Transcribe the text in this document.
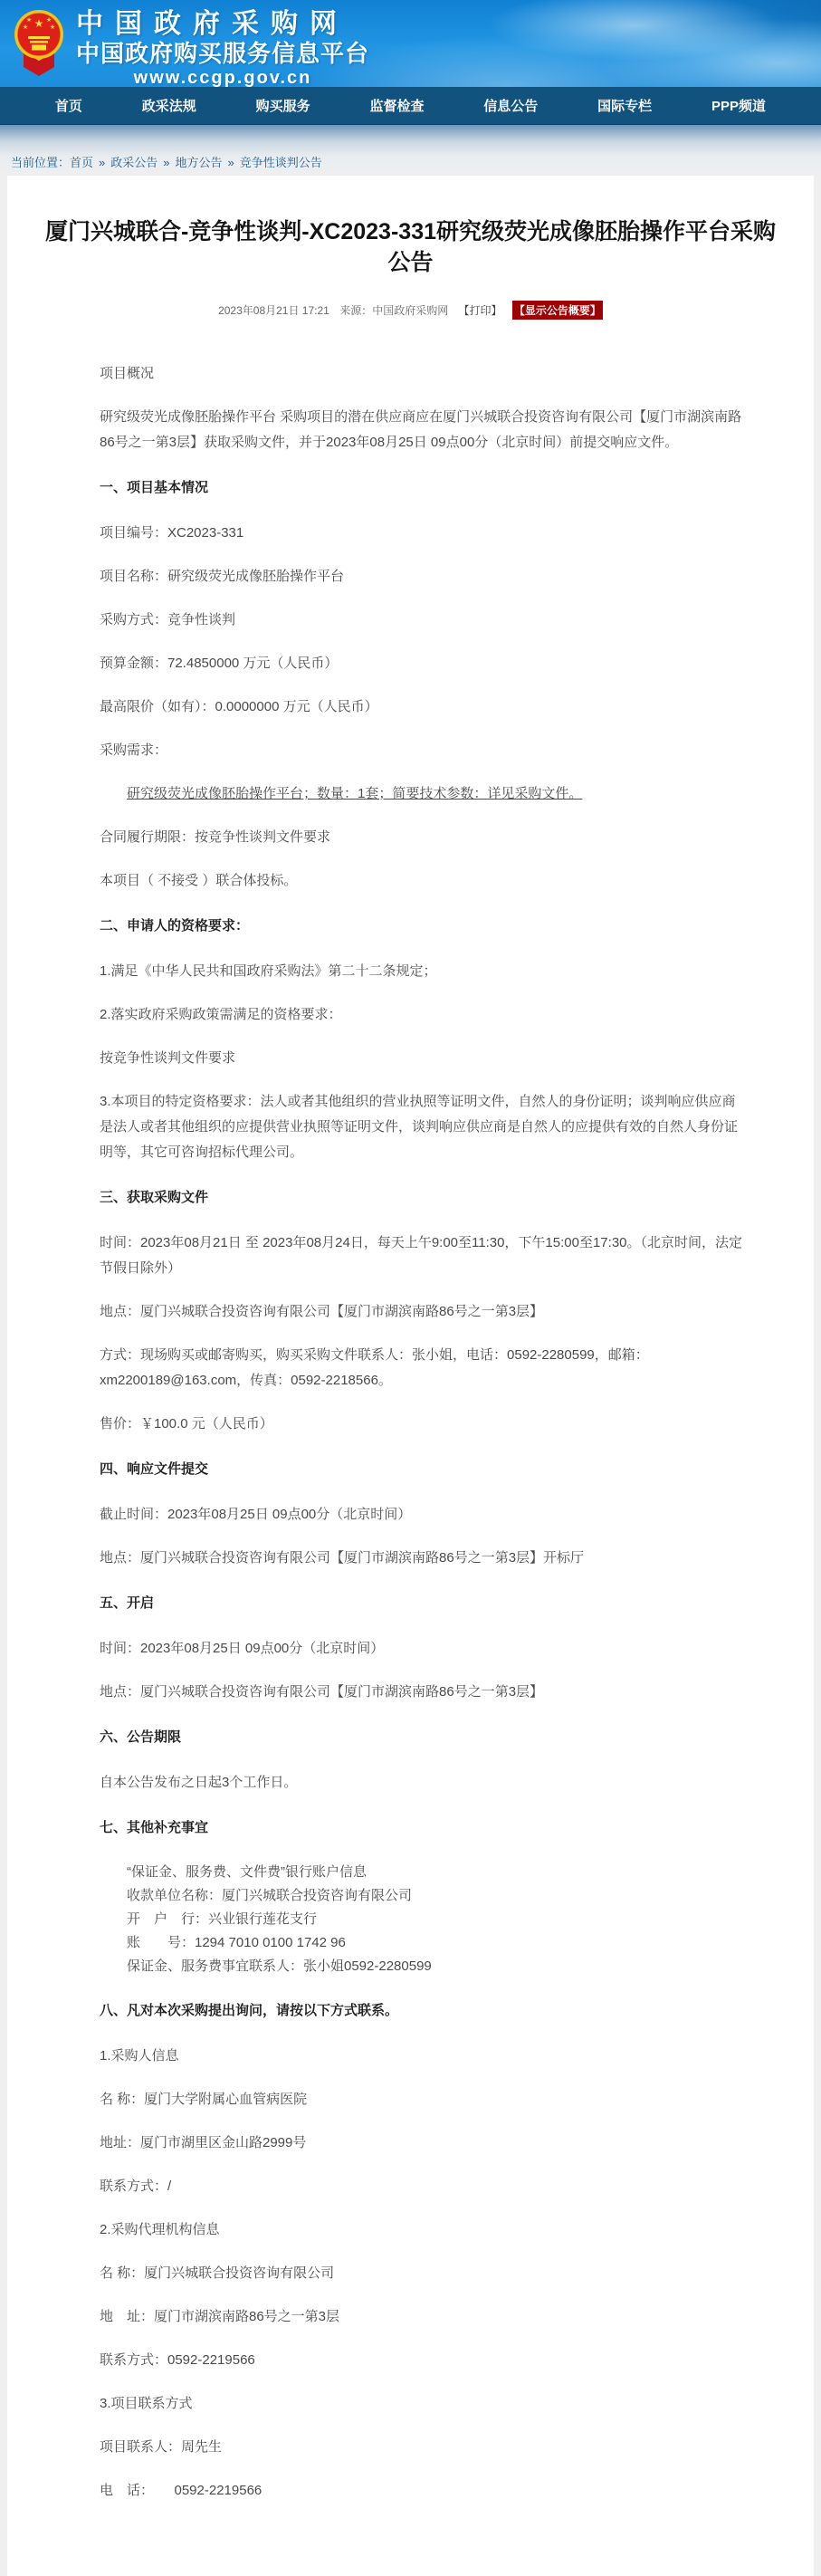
★
★ ★
★	★ 中国政府采购网
中国政府购买服务信息平台
www.ccgp.gov.cn
首页	政采法规	购买服务	监督检查	信息公告	国际专栏	PPP频道
当前位置： 首页 » 政采公告 » 地方公告 » 竞争性谈判公告
厦门兴城联合-竞争性谈判-XC2023-331研究级荧光成像胚胎操作平台采购公告
2023年08月21日 17:21 来源：中国政府采购网 【打印】 【显示公告概要】

项目概况

研究级荧光成像胚胎操作平台 采购项目的潜在供应商应在厦门兴城联合投资咨询有限公司【厦门市湖滨南路86号之一第3层】获取采购文件，并于2023年08月25日 09点00分（北京时间）前提交响应文件。

一、项目基本情况

项目编号：XC2023-331

项目名称：研究级荧光成像胚胎操作平台

采购方式：竞争性谈判

预算金额：72.4850000 万元（人民币）

最高限价（如有）：0.0000000 万元（人民币）

采购需求：

研究级荧光成像胚胎操作平台；数量：1套；简要技术参数：详见采购文件。

合同履行期限：按竞争性谈判文件要求

本项目（ 不接受 ）联合体投标。

二、申请人的资格要求：

1.满足《中华人民共和国政府采购法》第二十二条规定；

2.落实政府采购政策需满足的资格要求：

按竞争性谈判文件要求

3.本项目的特定资格要求：法人或者其他组织的营业执照等证明文件，自然人的身份证明；谈判响应供应商是法人或者其他组织的应提供营业执照等证明文件，谈判响应供应商是自然人的应提供有效的自然人身份证明等，其它可咨询招标代理公司。

三、获取采购文件

时间：2023年08月21日 至 2023年08月24日，每天上午9:00至11:30，下午15:00至17:30。（北京时间，法定节假日除外）

地点：厦门兴城联合投资咨询有限公司【厦门市湖滨南路86号之一第3层】

方式：现场购买或邮寄购买，购买采购文件联系人：张小姐，电话：0592-2280599，邮箱：xm2200189@163.com，传真：0592-2218566。

售价：￥100.0 元（人民币）

四、响应文件提交

截止时间：2023年08月25日 09点00分（北京时间）

地点：厦门兴城联合投资咨询有限公司【厦门市湖滨南路86号之一第3层】开标厅

五、开启

时间：2023年08月25日 09点00分（北京时间）

地点：厦门兴城联合投资咨询有限公司【厦门市湖滨南路86号之一第3层】

六、公告期限

自本公告发布之日起3个工作日。

七、其他补充事宜

“保证金、服务费、文件费”银行账户信息
收款单位名称：厦门兴城联合投资咨询有限公司
开　户　行：兴业银行莲花支行
账　　号：1294 7010 0100 1742 96
保证金、服务费事宜联系人：张小姐0592-2280599

八、凡对本次采购提出询问，请按以下方式联系。

1.采购人信息

名 称：厦门大学附属心血管病医院

地址：厦门市湖里区金山路2999号

联系方式：/

2.采购代理机构信息

名 称：厦门兴城联合投资咨询有限公司

地　址：厦门市湖滨南路86号之一第3层

联系方式：0592-2219566

3.项目联系方式

项目联系人：周先生

电　话：　　0592-2219566
